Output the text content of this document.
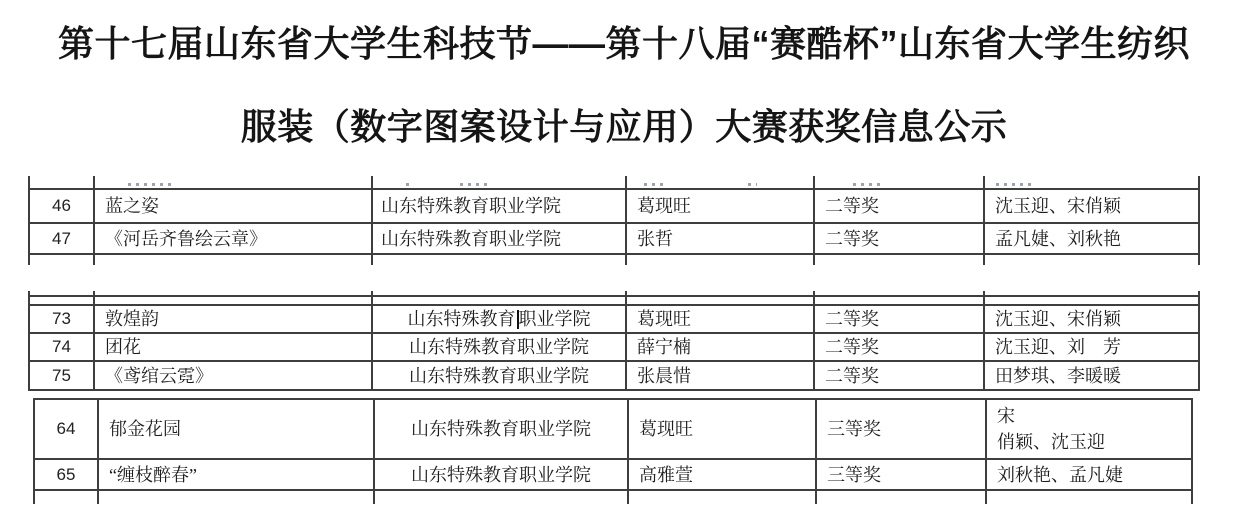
第十七届山东省大学生科技节——第十八届“赛酷杯”山东省大学生纺织
服装（数字图案设计与应用）大赛获奖信息公示
46	蓝之姿	山东特殊教育职业学院	葛现旺	二等奖	沈玉迎、宋俏颖
47	《河岳齐鲁绘云章》	山东特殊教育职业学院	张哲	二等奖	孟凡婕、刘秋艳

73	敦煌韵	山东特殊教育 职业学院	葛现旺	二等奖	沈玉迎、宋俏颖
74	团花	山东特殊教育职业学院	薛宁楠	二等奖	沈玉迎、刘　芳
75	《鸢绾云霓》	山东特殊教育职业学院	张晨惜	二等奖	田梦琪、李暖暖
64	郁金花园	山东特殊教育职业学院	葛现旺	三等奖	宋
俏颖、沈玉迎

65	“缠枝醉春”	山东特殊教育职业学院	高雅萱	三等奖	刘秋艳、孟凡婕
